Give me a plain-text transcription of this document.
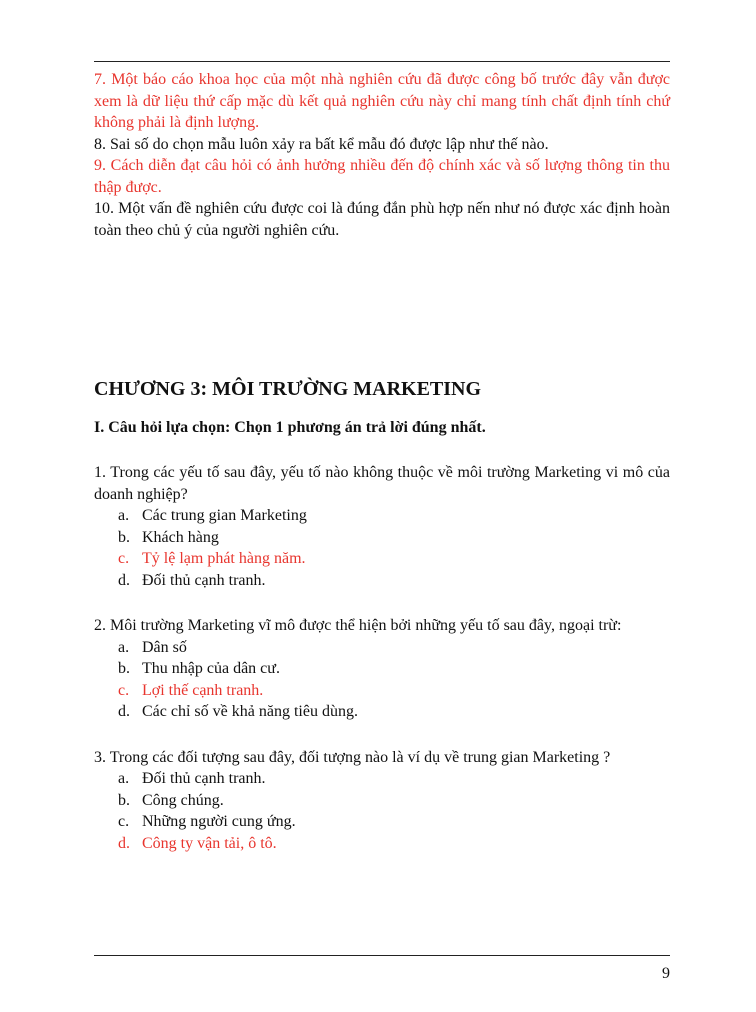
7. Một báo cáo khoa học của một nhà nghiên cứu đã được công bố trước đây vẫn được xem là dữ liệu thứ cấp mặc dù kết quả nghiên cứu này chỉ mang tính chất định tính chứ không phải là định lượng.

8. Sai số do chọn mẫu luôn xảy ra bất kể mẫu đó được lập như thế nào.

9. Cách diễn đạt câu hỏi có ảnh hưởng nhiều đến độ chính xác và số lượng thông tin thu thập được.

10. Một vấn đề nghiên cứu được coi là đúng đắn phù hợp nến như nó được xác định hoàn toàn theo chủ ý của người nghiên cứu.

CHƯƠNG 3: MÔI TRƯỜNG MARKETING
I. Câu hỏi lựa chọn: Chọn 1 phương án trả lời đúng nhất.

1. Trong các yếu tố sau đây, yếu tố nào không thuộc về môi trường Marketing vi mô của doanh nghiệp?

a. Các trung gian Marketing
b. Khách hàng
c. Tỷ lệ lạm phát hàng năm.
d. Đối thủ cạnh tranh.

2. Môi trường Marketing vĩ mô được thể hiện bởi những yếu tố sau đây, ngoại trừ:

a. Dân số
b. Thu nhập của dân cư.
c. Lợi thế cạnh tranh.
d. Các chỉ số về khả năng tiêu dùng.

3. Trong các đối tượng sau đây, đối tượng nào là ví dụ về trung gian Marketing ?

a. Đối thủ cạnh tranh.
b. Công chúng.
c. Những người cung ứng.
d. Công ty vận tải, ô tô.
9
